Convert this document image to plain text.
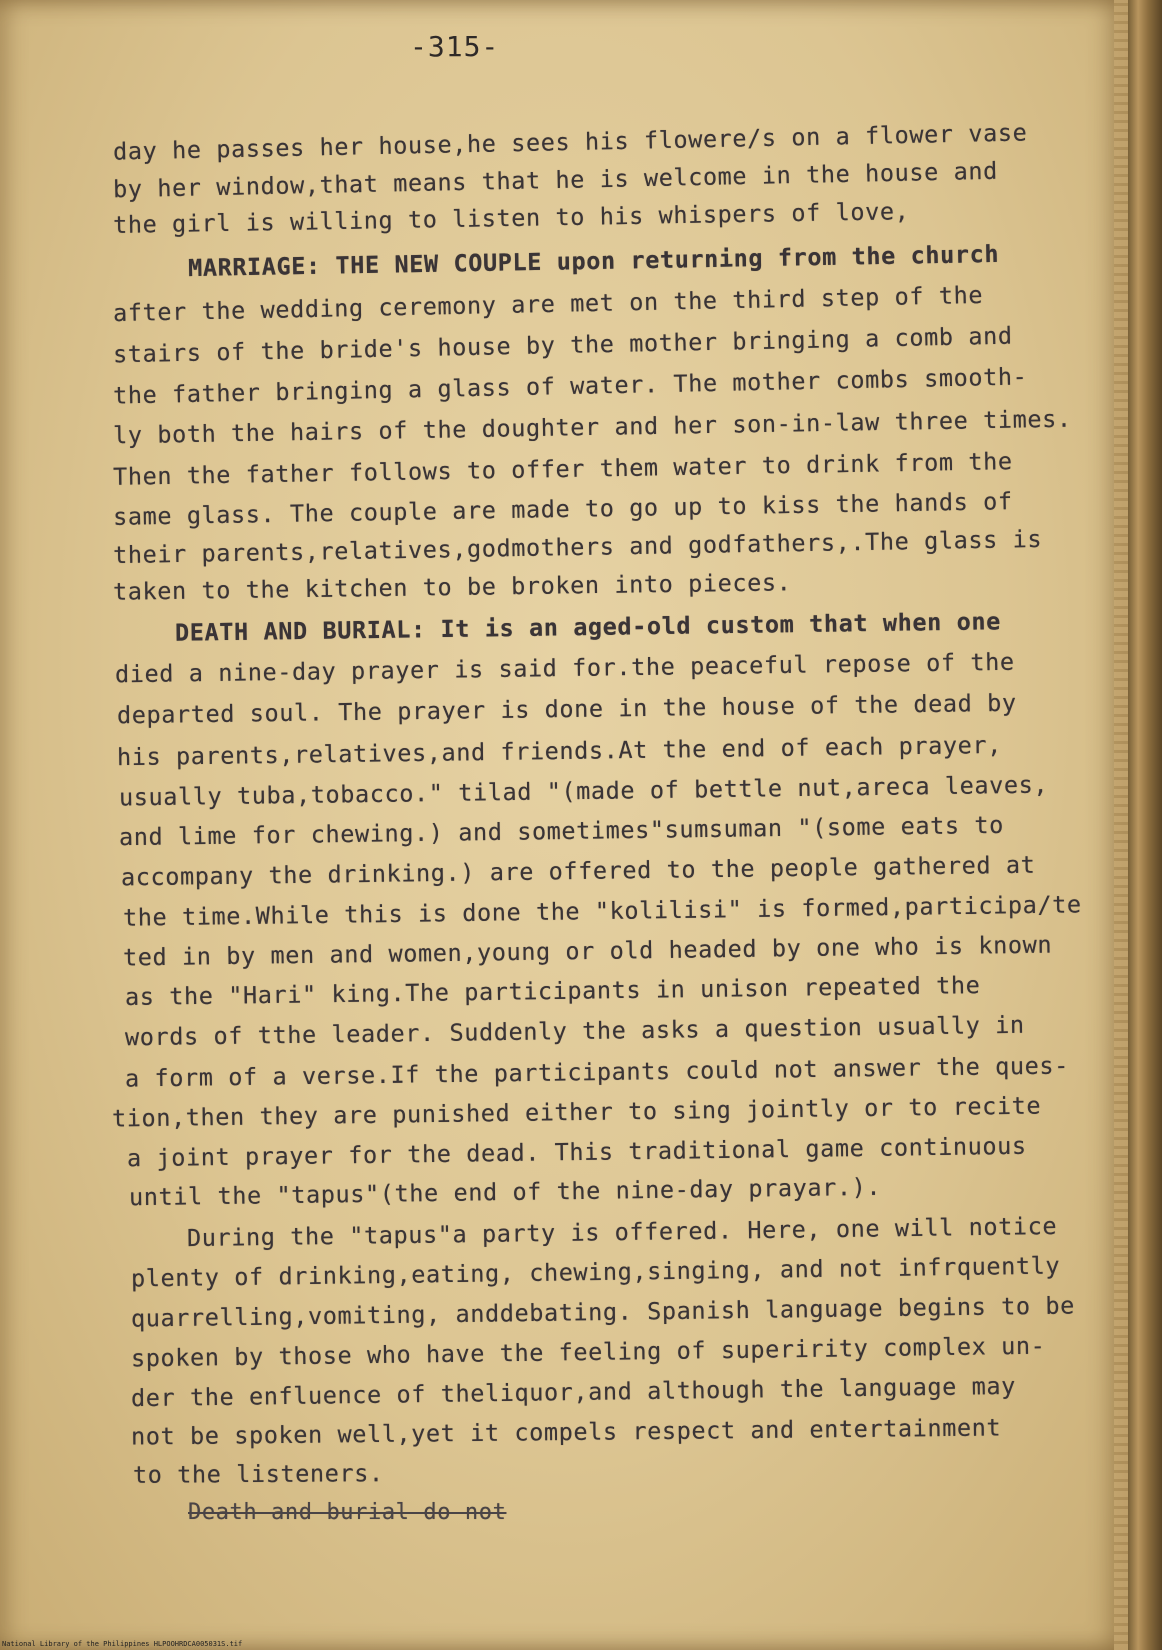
-315-
day he passes her house,he sees his flowere/s on a flower vase
by her window,that means that he is welcome in the house and
the girl is willing to listen to his whispers of love,
MARRIAGE: THE NEW COUPLE upon returning from the church
after the wedding ceremony are met on the third step of the
stairs of the bride's house by the mother bringing a comb and
the father bringing a glass of water. The mother combs smooth-
ly both the hairs of the doughter and her son-in-law three times.
Then the father follows to offer them water to drink from the
same glass. The couple are made to go up to kiss the hands of
their parents,relatives,godmothers and godfathers,.The glass is
taken to the kitchen to be broken into pieces.
DEATH AND BURIAL: It is an aged-old custom that when one
died a nine-day prayer is said for.the peaceful repose of the
departed soul. The prayer is done in the house of the dead by
his parents,relatives,and friends.At the end of each prayer,
usually tuba,tobacco." tilad "(made of bettle nut,areca leaves,
and lime for chewing.) and sometimes"sumsuman "(some eats to
accompany the drinking.) are offered to the people gathered at
the time.While this is done the "kolilisi" is formed,participa/te
ted in by men and women,young or old headed by one who is known
as the "Hari" king.The participants in unison repeated the
words of tthe leader. Suddenly the asks a question usually in
a form of a verse.If the participants could not answer the ques-
tion,then they are punished either to sing jointly or to recite
a joint prayer for the dead. This traditional game continuous
until the "tapus"(the end of the nine-day prayar.).
During the "tapus"a party is offered. Here, one will notice
plenty of drinking,eating, chewing,singing, and not infrquently
quarrelling,vomiting, anddebating. Spanish language begins to be
spoken by those who have the feeling of superirity complex un-
der the enfluence of theliquor,and although the language may
not be spoken well,yet it compels respect and entertainment
to the listeners.
Death and burial do not
National Library of the Philippines HLPOOHRDCA005031S.tif
